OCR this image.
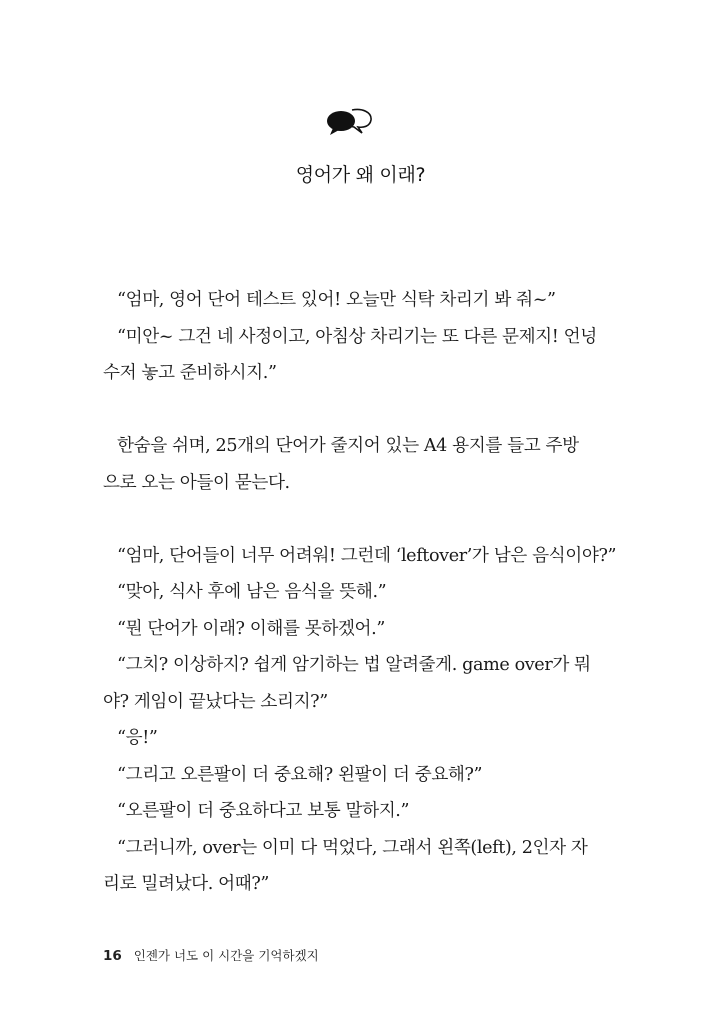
영어가 왜 이래?
“엄마, 영어 단어 테스트 있어! 오늘만 식탁 차리기 봐 줘~”
“미안~ 그건 네 사정이고, 아침상 차리기는 또 다른 문제지! 언넝
수저 놓고 준비하시지.”
한숨을 쉬며, 25개의 단어가 줄지어 있는 A4 용지를 들고 주방
으로 오는 아들이 묻는다.
“엄마, 단어들이 너무 어려워! 그런데 ‘leftover’가 남은 음식이야?”
“맞아, 식사 후에 남은 음식을 뜻해.”
“뭔 단어가 이래? 이해를 못하겠어.”
“그치? 이상하지? 쉽게 암기하는 법 알려줄게. game over가 뭐
야? 게임이 끝났다는 소리지?”
“응!”
“그리고 오른팔이 더 중요해? 왼팔이 더 중요해?”
“오른팔이 더 중요하다고 보통 말하지.”
“그러니까, over는 이미 다 먹었다, 그래서 왼쪽(left), 2인자 자
리로 밀려났다. 어때?”
16 인젠가 너도 이 시간을 기억하겠지
